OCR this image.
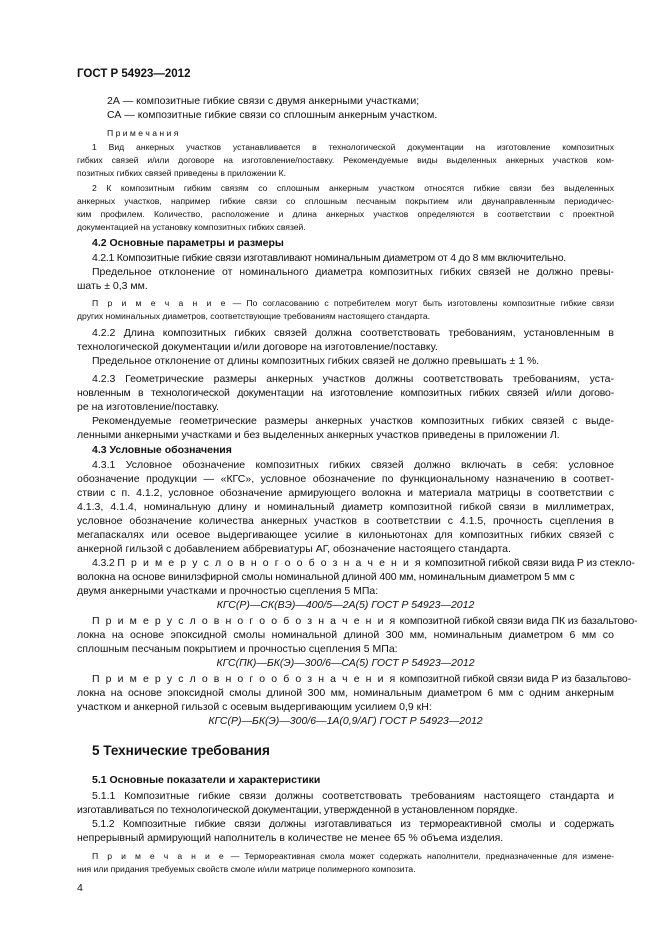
ГОСТ Р 54923—2012

2А — композитные гибкие связи с двумя анкерными участками;

СА — композитные гибкие связи со сплошным анкерным участком.

П р и м е ч а н и я

1 Вид анкерных участков устанавливается в технологической документации на изготовление композитных

гибких связей и/или договоре на изготовление/поставку. Рекомендуемые виды выделенных анкерных участков ком-

позитных гибких связей приведены в приложении К.

2 К композитным гибким связям со сплошным анкерным участком относятся гибкие связи без выделенных

анкерных участков, например гибкие связи со сплошным песчаным покрытием или двунаправленным периодичес-

ким профилем. Количество, расположение и длина анкерных участков определяются в соответствии с проектной

документацией на установку композитных гибких связей.

4.2 Основные параметры и размеры

4.2.1 Композитные гибкие связи изготавливают номинальным диаметром от 4 до 8 мм включительно.

Предельное отклонение от номинального диаметра композитных гибких связей не должно превы-

шать ± 0,3 мм.

П р и м е ч а н и е — По согласованию с потребителем могут быть изготовлены композитные гибкие связи

других номинальных диаметров, соответствующие требованиям настоящего стандарта.

4.2.2 Длина композитных гибких связей должна соответствовать требованиям, установленным в

технологической документации и/или договоре на изготовление/поставку.

Предельное отклонение от длины композитных гибких связей не должно превышать ± 1 %.

4.2.3 Геометрические размеры анкерных участков должны соответствовать требованиям, уста-

новленным в технологической документации на изготовление композитных гибких связей и/или догово-

ре на изготовление/поставку.

Рекомендуемые геометрические размеры анкерных участков композитных гибких связей с выде-

ленными анкерными участками и без выделенных анкерных участков приведены в приложении Л.

4.3 Условные обозначения

4.3.1 Условное обозначение композитных гибких связей должно включать в себя: условное

обозначение продукции — «КГС», условное обозначение по функциональному назначению в соответ-

ствии с п. 4.1.2, условное обозначение армирующего волокна и материала матрицы в соответствии с

4.1.3, 4.1.4, номинальную длину и номинальный диаметр композитной гибкой связи в миллиметрах,

условное обозначение количества анкерных участков в соответствии с 4.1.5, прочность сцепления в

мегапаскалях или осевое выдергивающее усилие в килоньютонах для композитных гибких связей с

анкерной гильзой с добавлением аббревиатуры АГ, обозначение настоящего стандарта.

4.3.2 П р и м е р у с л о в н о г о о б о з н а ч е н и я композитной гибкой связи вида Р из стекло-

волокна на основе винилэфирной смолы номинальной длиной 400 мм, номинальным диаметром 5 мм с

двумя анкерными участками и прочностью сцепления 5 МПа:

КГС(Р)—СК(ВЭ)—400/5—2А(5) ГОСТ Р 54923—2012

П р и м е р у с л о в н о г о о б о з н а ч е н и я композитной гибкой связи вида ПК из базальтово-

локна на основе эпоксидной смолы номинальной длиной 300 мм, номинальным диаметром 6 мм со

сплошным песчаным покрытием и прочностью сцепления 5 МПа:

КГС(ПК)—БК(Э)—300/6—СА(5) ГОСТ Р 54923—2012

П р и м е р у с л о в н о г о о б о з н а ч е н и я композитной гибкой связи вида Р из базальтово-

локна на основе эпоксидной смолы длиной 300 мм, номинальным диаметром 6 мм с одним анкерным

участком и анкерной гильзой с осевым выдергивающим усилием 0,9 кН:

КГС(Р)—БК(Э)—300/6—1А(0,9/АГ) ГОСТ Р 54923—2012

5 Технические требования

5.1 Основные показатели и характеристики

5.1.1 Композитные гибкие связи должны соответствовать требованиям настоящего стандарта и

изготавливаться по технологической документации, утвержденной в установленном порядке.

5.1.2 Композитные гибкие связи должны изготавливаться из термореактивной смолы и содержать

непрерывный армирующий наполнитель в количестве не менее 65 % объема изделия.

П р и м е ч а н и е — Термореактивная смола может содержать наполнители, предназначенные для измене-

ния или придания требуемых свойств смоле и/или матрице полимерного композита.

4
